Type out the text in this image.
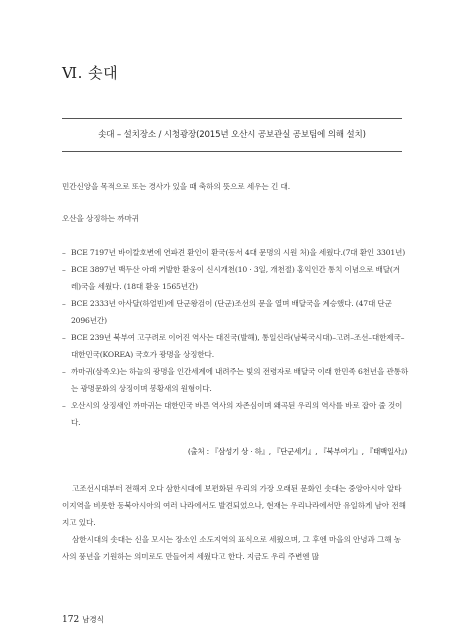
Ⅵ. 솟대
솟대 – 설치장소 / 시청광장(2015년 오산시 공보관실 공보팀에 의해 설치)
민간신앙을 목적으로 또는 경사가 있을 때 축하의 뜻으로 세우는 긴 대.
오산을 상징하는 까마귀
– BCE 7197년 바이칼호변에 연파견 환인이 환국(동서 4대 문명의 시원 처)을 세웠다.(7대 환인 3301년)
– BCE 3897년 백두산 아래 커발한 환웅이 신시개천(10 · 3일, 개천절) 홍익인간 통치 이념으로 배달(겨레)국을 세웠다. (18대 환웅 1565년간)
– BCE 2333년 아사달(하얼빈)에 단군왕검이 (단군)조선의 문을 열며 배달국을 계승했다. (47대 단군 2096년간)
– BCE 239년 북부여 고구려로 이어진 역사는 대진국(발해), 통일신라(남북국시대)–고려–조선–대한제국–대한민국(KOREA) 국호가 광명을 상징한다.
– 까마귀(삼족오)는 하늘의 광명을 인간세계에 내려주는 빛의 전령자로 배달국 이래 한민족 6천년을 관통하는 광명문화의 상징이며 봉황새의 원형이다.
– 오산시의 상징새인 까마귀는 대한민국 바른 역사의 자존심이며 왜곡된 우리의 역사를 바로 잡아 줄 것이다.
(출처 : 『삼성기 상 · 하』, 『단군세기』, 『북부여기』, 『태백일사』)
고조선시대부터 전해져 오다 삼한시대에 보편화된 우리의 가장 오래된 문화인 솟대는 중앙아시아 알타이지역을 비롯한 동북아시아의 여러 나라에서도 발견되었으나, 현재는 우리나라에서만 유일하게 남아 전해지고 있다.
삼한시대의 솟대는 신을 모시는 장소인 소도지역의 표식으로 세웠으며, 그 후엔 마을의 안녕과 그해 농사의 풍년을 기원하는 의미로도 만들어져 세웠다고 한다. 지금도 우리 주변엔 많
172 남경식
